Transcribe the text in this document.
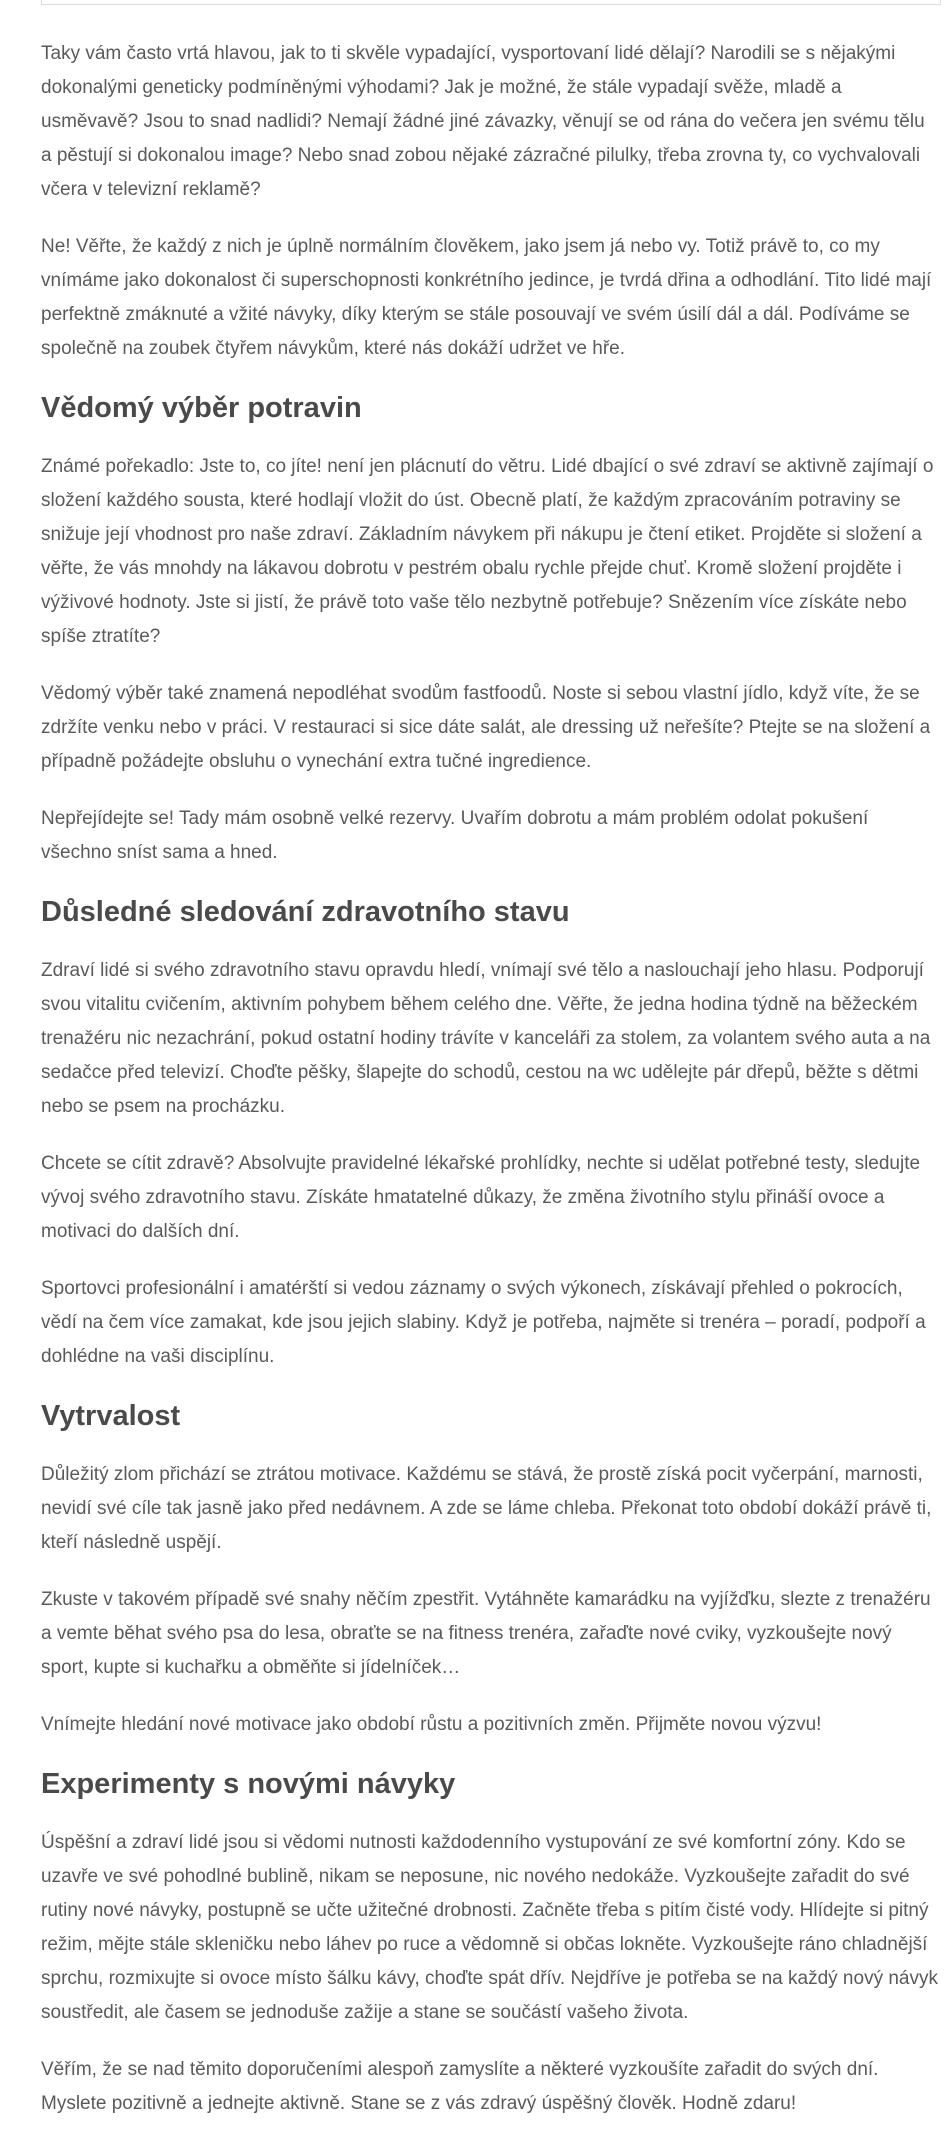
Taky vám často vrtá hlavou, jak to ti skvěle vypadající, vysportovaní lidé dělají? Narodili se s nějakými dokonalými geneticky podmíněnými výhodami? Jak je možné, že stále vypadají svěže, mladě a usměvavě? Jsou to snad nadlidi? Nemají žádné jiné závazky, věnují se od rána do večera jen svému tělu a pěstují si dokonalou image? Nebo snad zobou nějaké zázračné pilulky, třeba zrovna ty, co vychvalovali včera v televizní reklamě?

Ne! Věřte, že každý z nich je úplně normálním člověkem, jako jsem já nebo vy. Totiž právě to, co my vnímáme jako dokonalost či superschopnosti konkrétního jedince, je tvrdá dřina a odhodlání. Tito lidé mají perfektně zmáknuté a vžité návyky, díky kterým se stále posouvají ve svém úsilí dál a dál. Podíváme se společně na zoubek čtyřem návykům, které nás dokáží udržet ve hře.

Vědomý výběr potravin

Známé pořekadlo: Jste to, co jíte! není jen plácnutí do větru. Lidé dbající o své zdraví se aktivně zajímají o složení každého sousta, které hodlají vložit do úst. Obecně platí, že každým zpracováním potraviny se snižuje její vhodnost pro naše zdraví. Základním návykem při nákupu je čtení etiket. Projděte si složení a věřte, že vás mnohdy na lákavou dobrotu v pestrém obalu rychle přejde chuť. Kromě složení projděte i výživové hodnoty. Jste si jistí, že právě toto vaše tělo nezbytně potřebuje? Snězením více získáte nebo spíše ztratíte?

Vědomý výběr také znamená nepodléhat svodům fastfoodů. Noste si sebou vlastní jídlo, když víte, že se zdržíte venku nebo v práci. V restauraci si sice dáte salát, ale dressing už neřešíte? Ptejte se na složení a případně požádejte obsluhu o vynechání extra tučné ingredience.

Nepřejídejte se! Tady mám osobně velké rezervy. Uvařím dobrotu a mám problém odolat pokušení všechno sníst sama a hned.

Důsledné sledování zdravotního stavu

Zdraví lidé si svého zdravotního stavu opravdu hledí, vnímají své tělo a naslouchají jeho hlasu. Podporují svou vitalitu cvičením, aktivním pohybem během celého dne. Věřte, že jedna hodina týdně na běžeckém trenažéru nic nezachrání, pokud ostatní hodiny trávíte v kanceláři za stolem, za volantem svého auta a na sedačce před televizí. Choďte pěšky, šlapejte do schodů, cestou na wc udělejte pár dřepů, běžte s dětmi nebo se psem na procházku.

Chcete se cítit zdravě? Absolvujte pravidelné lékařské prohlídky, nechte si udělat potřebné testy, sledujte vývoj svého zdravotního stavu. Získáte hmatatelné důkazy, že změna životního stylu přináší ovoce a motivaci do dalších dní.

Sportovci profesionální i amatérští si vedou záznamy o svých výkonech, získávají přehled o pokrocích, vědí na čem více zamakat, kde jsou jejich slabiny. Když je potřeba, najměte si trenéra – poradí, podpoří a dohlédne na vaši disciplínu.

Vytrvalost

Důležitý zlom přichází se ztrátou motivace. Každému se stává, že prostě získá pocit vyčerpání, marnosti, nevidí své cíle tak jasně jako před nedávnem. A zde se láme chleba. Překonat toto období dokáží právě ti, kteří následně uspějí.

Zkuste v takovém případě své snahy něčím zpestřit. Vytáhněte kamarádku na vyjížďku, slezte z trenažéru a vemte běhat svého psa do lesa, obraťte se na fitness trenéra, zařaďte nové cviky, vyzkoušejte nový sport, kupte si kuchařku a obměňte si jídelníček…

Vnímejte hledání nové motivace jako období růstu a pozitivních změn. Přijměte novou výzvu!

Experimenty s novými návyky

Úspěšní a zdraví lidé jsou si vědomi nutnosti každodenního vystupování ze své komfortní zóny. Kdo se uzavře ve své pohodlné bublině, nikam se neposune, nic nového nedokáže. Vyzkoušejte zařadit do své rutiny nové návyky, postupně se učte užitečné drobnosti. Začněte třeba s pitím čisté vody. Hlídejte si pitný režim, mějte stále skleničku nebo láhev po ruce a vědomně si občas lokněte. Vyzkoušejte ráno chladnější sprchu, rozmixujte si ovoce místo šálku kávy, choďte spát dřív. Nejdříve je potřeba se na každý nový návyk soustředit, ale časem se jednoduše zažije a stane se součástí vašeho života.

Věřím, že se nad těmito doporučeními alespoň zamyslíte a některé vyzkoušíte zařadit do svých dní. Myslete pozitivně a jednejte aktivně. Stane se z vás zdravý úspěšný člověk. Hodně zdaru!
